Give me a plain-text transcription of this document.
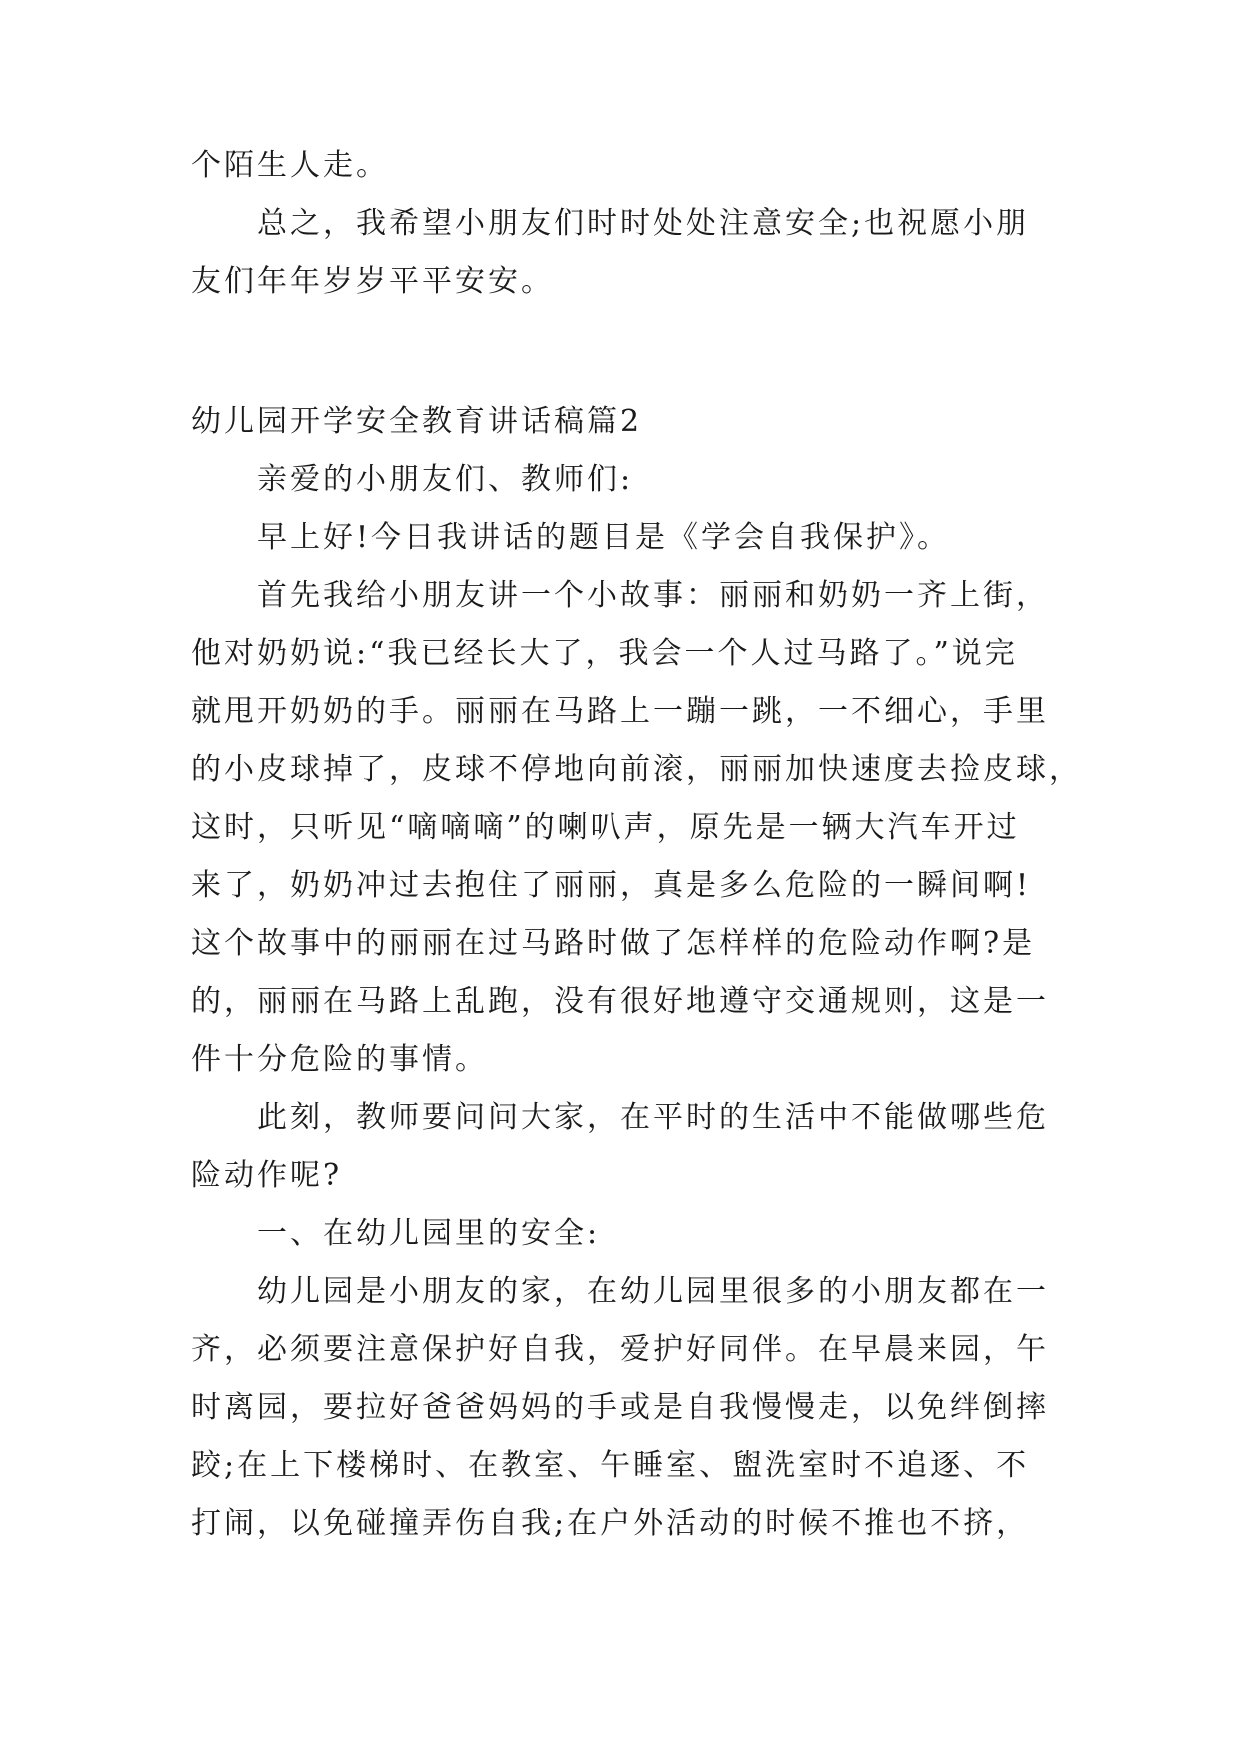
个陌生人走。

总之，我希望小朋友们时时处处注意安全;也祝愿小朋
友们年年岁岁平平安安。

幼儿园开学安全教育讲话稿篇2

亲爱的小朋友们、教师们:

早上好!今日我讲话的题目是《学会自我保护》。

首先我给小朋友讲一个小故事：丽丽和奶奶一齐上街，
他对奶奶说:“我已经长大了，我会一个人过马路了。”说完
就甩开奶奶的手。丽丽在马路上一蹦一跳，一不细心，手里
的小皮球掉了，皮球不停地向前滚，丽丽加快速度去捡皮球，
这时，只听见“嘀嘀嘀”的喇叭声，原先是一辆大汽车开过
来了，奶奶冲过去抱住了丽丽，真是多么危险的一瞬间啊!
这个故事中的丽丽在过马路时做了怎样样的危险动作啊?是
的，丽丽在马路上乱跑，没有很好地遵守交通规则，这是一
件十分危险的事情。

此刻，教师要问问大家，在平时的生活中不能做哪些危
险动作呢?

一、在幼儿园里的安全:

幼儿园是小朋友的家，在幼儿园里很多的小朋友都在一
齐，必须要注意保护好自我，爱护好同伴。在早晨来园，午
时离园，要拉好爸爸妈妈的手或是自我慢慢走，以免绊倒摔
跤;在上下楼梯时、在教室、午睡室、盥洗室时不追逐、不
打闹，以免碰撞弄伤自我;在户外活动的时候不推也不挤，
